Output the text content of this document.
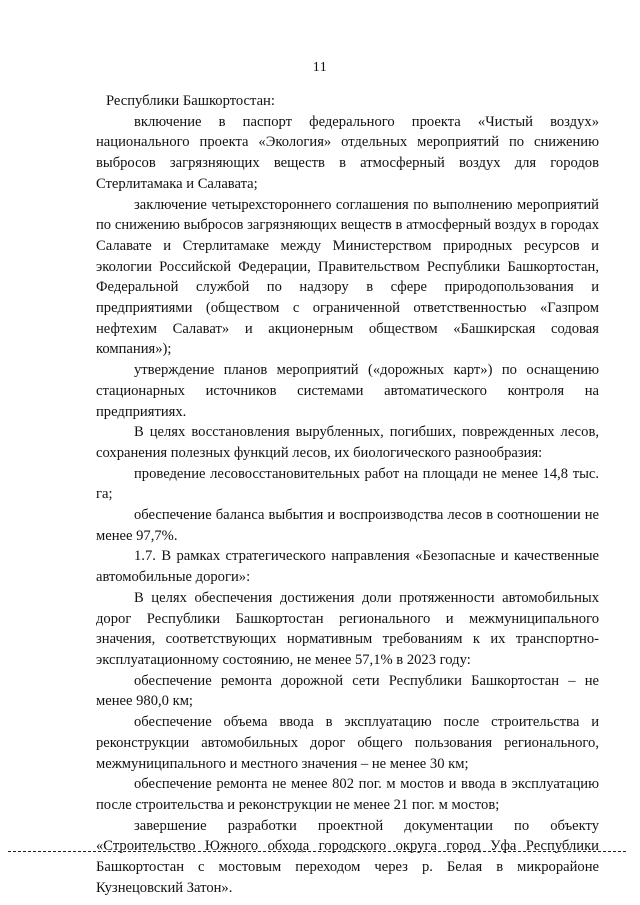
11

Республики Башкортостан:

включение в паспорт федерального проекта «Чистый воздух» национального проекта «Экология» отдельных мероприятий по снижению выбросов загрязняющих веществ в атмосферный воздух для городов Стерлитамака и Салавата;

заключение четырехстороннего соглашения по выполнению мероприятий по снижению выбросов загрязняющих веществ в атмосферный воздух в городах Салавате и Стерлитамаке между Министерством природных ресурсов и экологии Российской Федерации, Правительством Республики Башкортостан, Федеральной службой по надзору в сфере природопользования и предприятиями (обществом с ограниченной ответственностью «Газпром нефтехим Салават» и акционерным обществом «Башкирская содовая компания»);

утверждение планов мероприятий («дорожных карт») по оснащению стационарных источников системами автоматического контроля на предприятиях.

В целях восстановления вырубленных, погибших, поврежденных лесов, сохранения полезных функций лесов, их биологического разнообразия:

проведение лесовосстановительных работ на площади не менее 14,8 тыс. га;

обеспечение баланса выбытия и воспроизводства лесов в соотношении не менее 97,7%.

1.7. В рамках стратегического направления «Безопасные и качественные автомобильные дороги»:

В целях обеспечения достижения доли протяженности автомобильных дорог Республики Башкортостан регионального и межмуниципального значения, соответствующих нормативным требованиям к их транспортно-эксплуатационному состоянию, не менее 57,1% в 2023 году:

обеспечение ремонта дорожной сети Республики Башкортостан – не менее 980,0 км;

обеспечение объема ввода в эксплуатацию после строительства и реконструкции автомобильных дорог общего пользования регионального, межмуниципального и местного значения – не менее 30 км;

обеспечение ремонта не менее 802 пог. м мостов и ввода в эксплуатацию после строительства и реконструкции не менее 21 пог. м мостов;

завершение разработки проектной документации по объекту «Строительство Южного обхода городского округа город Уфа Республики Башкортостан с мостовым переходом через р. Белая в микрорайоне Кузнецовский Затон».
